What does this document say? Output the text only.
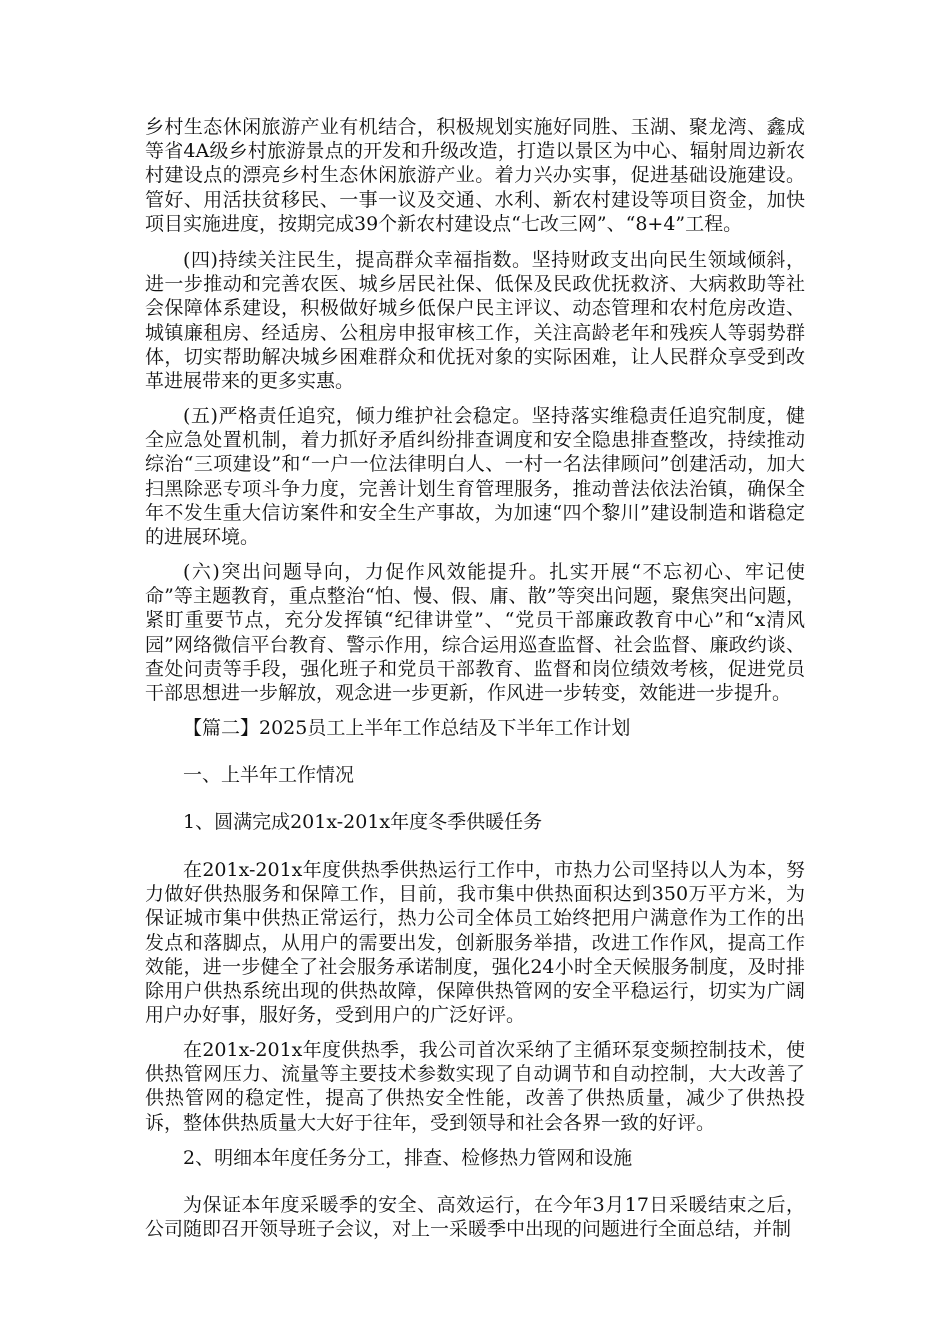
乡村生态休闲旅游产业有机结合，积极规划实施好同胜、玉湖、聚龙湾、鑫成等省4A级乡村旅游景点的开发和升级改造，打造以景区为中心、辐射周边新农村建设点的漂亮乡村生态休闲旅游产业。着力兴办实事，促进基础设施建设。管好、用活扶贫移民、一事一议及交通、水利、新农村建设等项目资金，加快项目实施进度，按期完成39个新农村建设点“七改三网”、“8+4”工程。

(四)持续关注民生，提高群众幸福指数。坚持财政支出向民生领域倾斜，进一步推动和完善农医、城乡居民社保、低保及民政优抚救济、大病救助等社会保障体系建设，积极做好城乡低保户民主评议、动态管理和农村危房改造、城镇廉租房、经适房、公租房申报审核工作，关注高龄老年和残疾人等弱势群体，切实帮助解决城乡困难群众和优抚对象的实际困难，让人民群众享受到改革进展带来的更多实惠。

(五)严格责任追究，倾力维护社会稳定。坚持落实维稳责任追究制度，健全应急处置机制，着力抓好矛盾纠纷排查调度和安全隐患排查整改，持续推动综治“三项建设”和“一户一位法律明白人、一村一名法律顾问”创建活动，加大扫黑除恶专项斗争力度，完善计划生育管理服务，推动普法依法治镇，确保全年不发生重大信访案件和安全生产事故，为加速“四个黎川”建设制造和谐稳定的进展环境。

(六)突出问题导向，力促作风效能提升。扎实开展“不忘初心、牢记使命”等主题教育，重点整治“怕、慢、假、庸、散”等突出问题，聚焦突出问题，紧盯重要节点，充分发挥镇“纪律讲堂”、“党员干部廉政教育中心”和“x清风园”网络微信平台教育、警示作用，综合运用巡查监督、社会监督、廉政约谈、查处问责等手段，强化班子和党员干部教育、监督和岗位绩效考核，促进党员干部思想进一步解放，观念进一步更新，作风进一步转变，效能进一步提升。

【篇二】2025员工上半年工作总结及下半年工作计划

一、上半年工作情况

1、圆满完成201x-201x年度冬季供暖任务

在201x-201x年度供热季供热运行工作中，市热力公司坚持以人为本，努力做好供热服务和保障工作，目前，我市集中供热面积达到350万平方米，为保证城市集中供热正常运行，热力公司全体员工始终把用户满意作为工作的出发点和落脚点，从用户的需要出发，创新服务举措，改进工作作风，提高工作效能，进一步健全了社会服务承诺制度，强化24小时全天候服务制度，及时排除用户供热系统出现的供热故障，保障供热管网的安全平稳运行，切实为广阔用户办好事，服好务，受到用户的广泛好评。

在201x-201x年度供热季，我公司首次采纳了主循环泵变频控制技术，使供热管网压力、流量等主要技术参数实现了自动调节和自动控制，大大改善了供热管网的稳定性，提高了供热安全性能，改善了供热质量，减少了供热投诉，整体供热质量大大好于往年，受到领导和社会各界一致的好评。

2、明细本年度任务分工，排查、检修热力管网和设施

为保证本年度采暖季的安全、高效运行，在今年3月17日采暖结束之后，公司随即召开领导班子会议，对上一采暖季中出现的问题进行全面总结，并制
